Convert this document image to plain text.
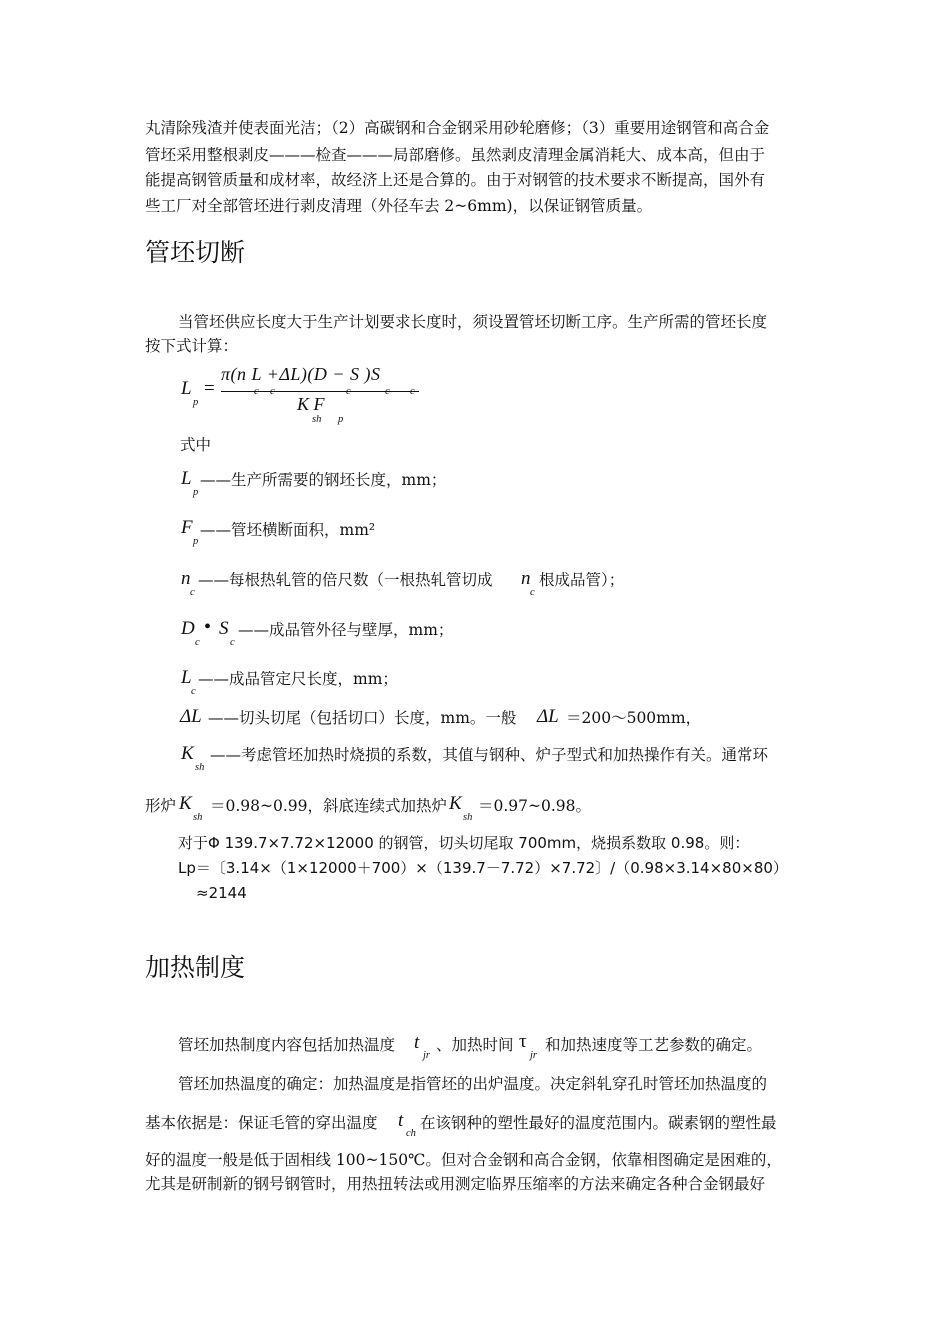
丸清除残渣并使表面光洁；（2）高碳钢和合金钢采用砂轮磨修；（3）重要用途钢管和高合金
管坯采用整根剥皮———检查———局部磨修。虽然剥皮清理金属消耗大、成本高，但由于
能提高钢管质量和成材率，故经济上还是合算的。由于对钢管的技术要求不断提高，国外有
些工厂对全部管坯进行剥皮清理（外径车去 2~6mm)，以保证钢管质量。
管坯切断
当管坯供应长度大于生产计划要求长度时，须设置管坯切断工序。生产所需的管坯长度
按下式计算：
L
p
=
π(n L +ΔL)(D − S )S
c c	c	c c
K F
sh p
式中
L
p
——生产所需要的钢坯长度，mm；
F
p
——管坯横断面积，mm²
n
c
——每根热轧管的倍尺数（一根热轧管切成 n
c
根成品管）；
D
c
• S
c
——成品管外径与壁厚，mm；
L
c
——成品管定尺长度，mm；
ΔL ——切头切尾（包括切口）长度，mm。一般 ΔL ＝200～500mm，
K
sh
——考虑管坯加热时烧损的系数，其值与钢种、炉子型式和加热操作有关。通常环
形炉 K
sh
＝0.98~0.99，斜底连续式加热炉 K
sh
＝0.97~0.98。
对于Φ 139.7×7.72×12000 的钢管，切头切尾取 700mm，烧损系数取 0.98。则：
Lp＝〔3.14×（1×12000＋700）×（139.7－7.72）×7.72〕/（0.98×3.14×80×80）
≈2144
加热制度
管坯加热制度内容包括加热温度 t
jr
、加热时间 τ
jr
和加热速度等工艺参数的确定。
管坯加热温度的确定：加热温度是指管坯的出炉温度。决定斜轧穿孔时管坯加热温度的
基本依据是：保证毛管的穿出温度 t
ch
在该钢种的塑性最好的温度范围内。碳素钢的塑性最
好的温度一般是低于固相线 100~150℃。但对合金钢和高合金钢，依靠相图确定是困难的，
尤其是研制新的钢号钢管时，用热扭转法或用测定临界压缩率的方法来确定各种合金钢最好
